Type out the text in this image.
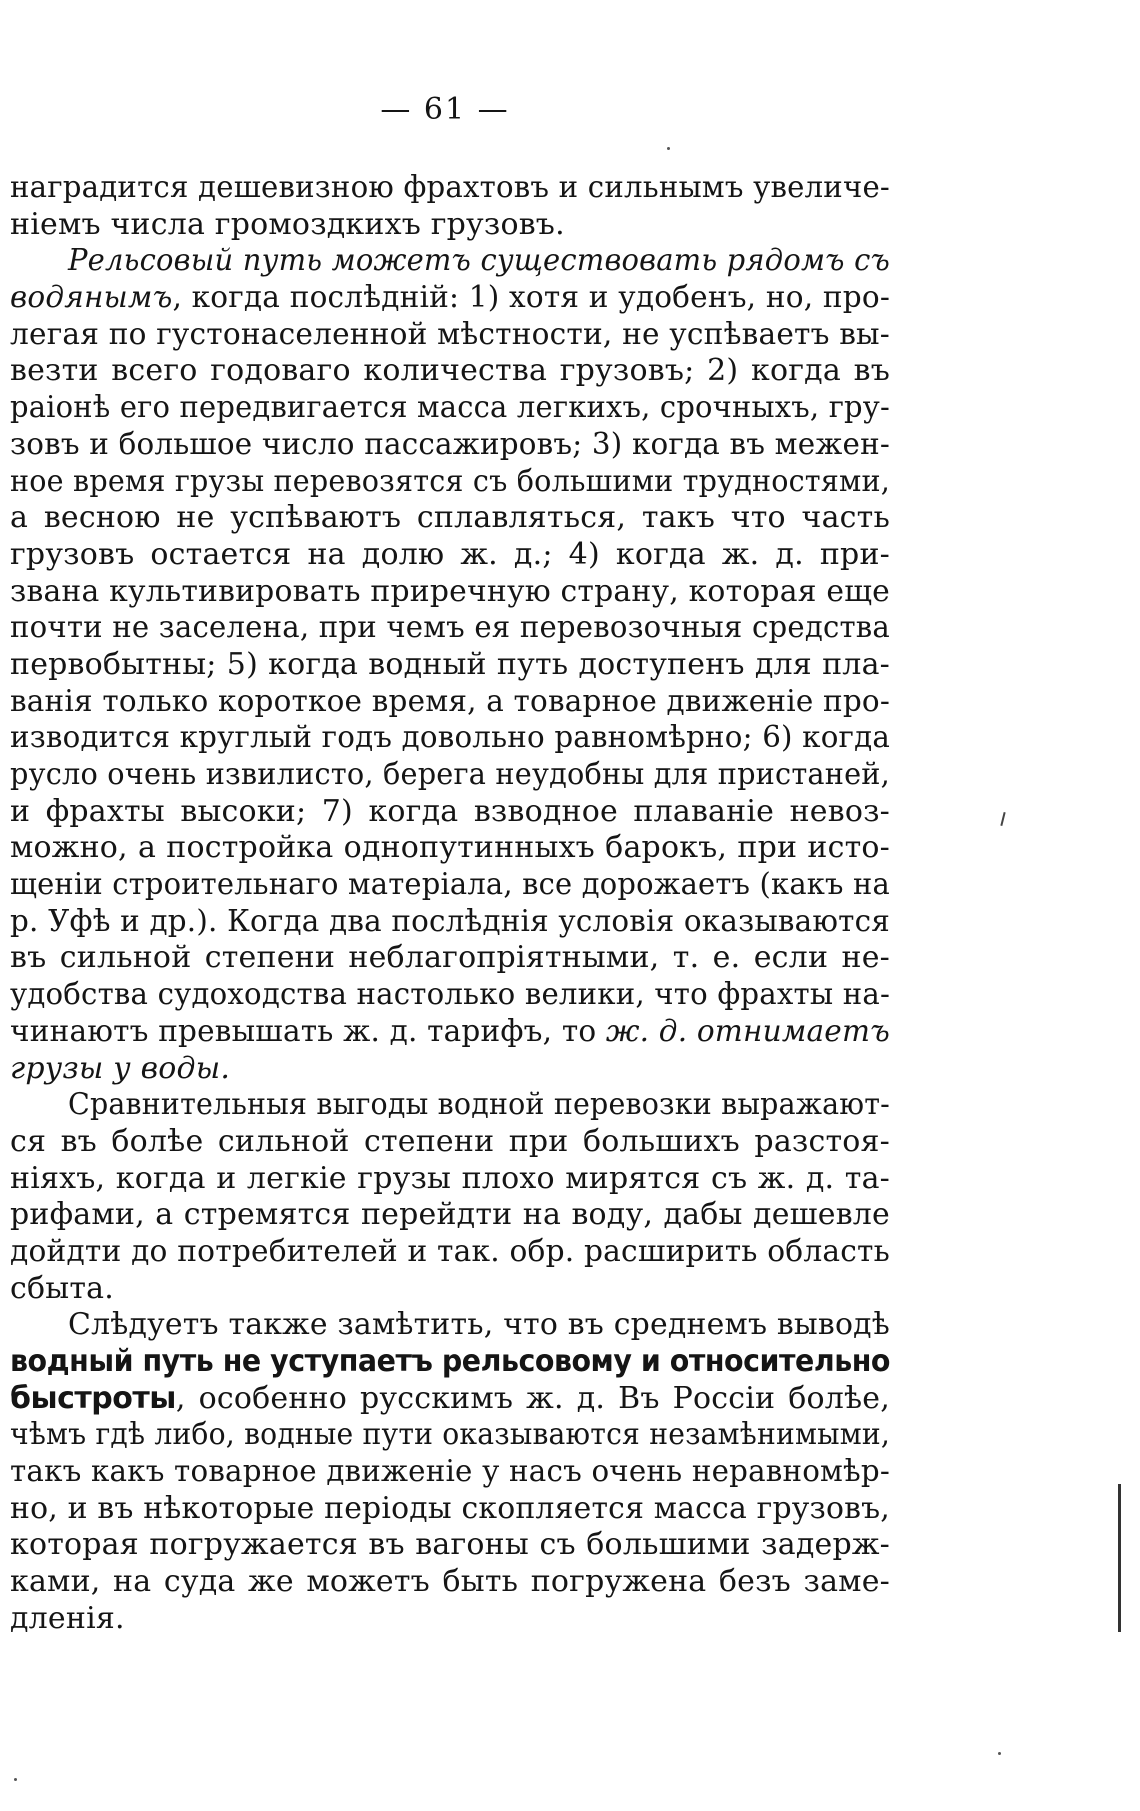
— 61 —
наградится дешевизною фрахтовъ и сильнымъ увеличе-
ніемъ числа громоздкихъ грузовъ.
Рельсовый путь можетъ существовать рядомъ съ
водянымъ, когда послѣдній: 1) хотя и удобенъ, но, про-
легая по густонаселенной мѣстности, не успѣваетъ вы-
везти всего годоваго количества грузовъ; 2) когда въ
раіонѣ его передвигается масса легкихъ, срочныхъ, гру-
зовъ и большое число пассажировъ; 3) когда въ межен-
ное время грузы перевозятся съ большими трудностями,
а весною не успѣваютъ сплавляться, такъ что часть
грузовъ остается на долю ж. д.; 4) когда ж. д. при-
звана культивировать приречную страну, которая еще
почти не заселена, при чемъ ея перевозочныя средства
первобытны; 5) когда водный путь доступенъ для пла-
ванія только короткое время, а товарное движеніе про-
изводится круглый годъ довольно равномѣрно; 6) когда
русло очень извилисто, берега неудобны для пристаней,
и фрахты высоки; 7) когда взводное плаваніе невоз-
можно, а постройка однопутинныхъ барокъ, при исто-
щеніи строительнаго матеріала, все дорожаетъ (какъ на
р. Уфѣ и др.). Когда два послѣднія условія оказываются
въ сильной степени неблагопріятными, т. е. если не-
удобства судоходства настолько велики, что фрахты на-
чинаютъ превышать ж. д. тарифъ, то ж. д. отнимаетъ
грузы у воды.
Сравнительныя выгоды водной перевозки выражают-
ся въ болѣе сильной степени при большихъ разстоя-
ніяхъ, когда и легкіе грузы плохо мирятся съ ж. д. та-
рифами, а стремятся перейдти на воду, дабы дешевле
дойдти до потребителей и так. обр. расширить область
сбыта.
Слѣдуетъ также замѣтить, что въ среднемъ выводѣ
водный путь не уступаетъ рельсовому и относительно
быстроты, особенно русскимъ ж. д. Въ Россіи болѣе,
чѣмъ гдѣ либо, водные пути оказываются незамѣнимыми,
такъ какъ товарное движеніе у насъ очень неравномѣр-
но, и въ нѣкоторые періоды скопляется масса грузовъ,
которая погружается въ вагоны съ большими задерж-
ками, на суда же можетъ быть погружена безъ заме-
дленія.
